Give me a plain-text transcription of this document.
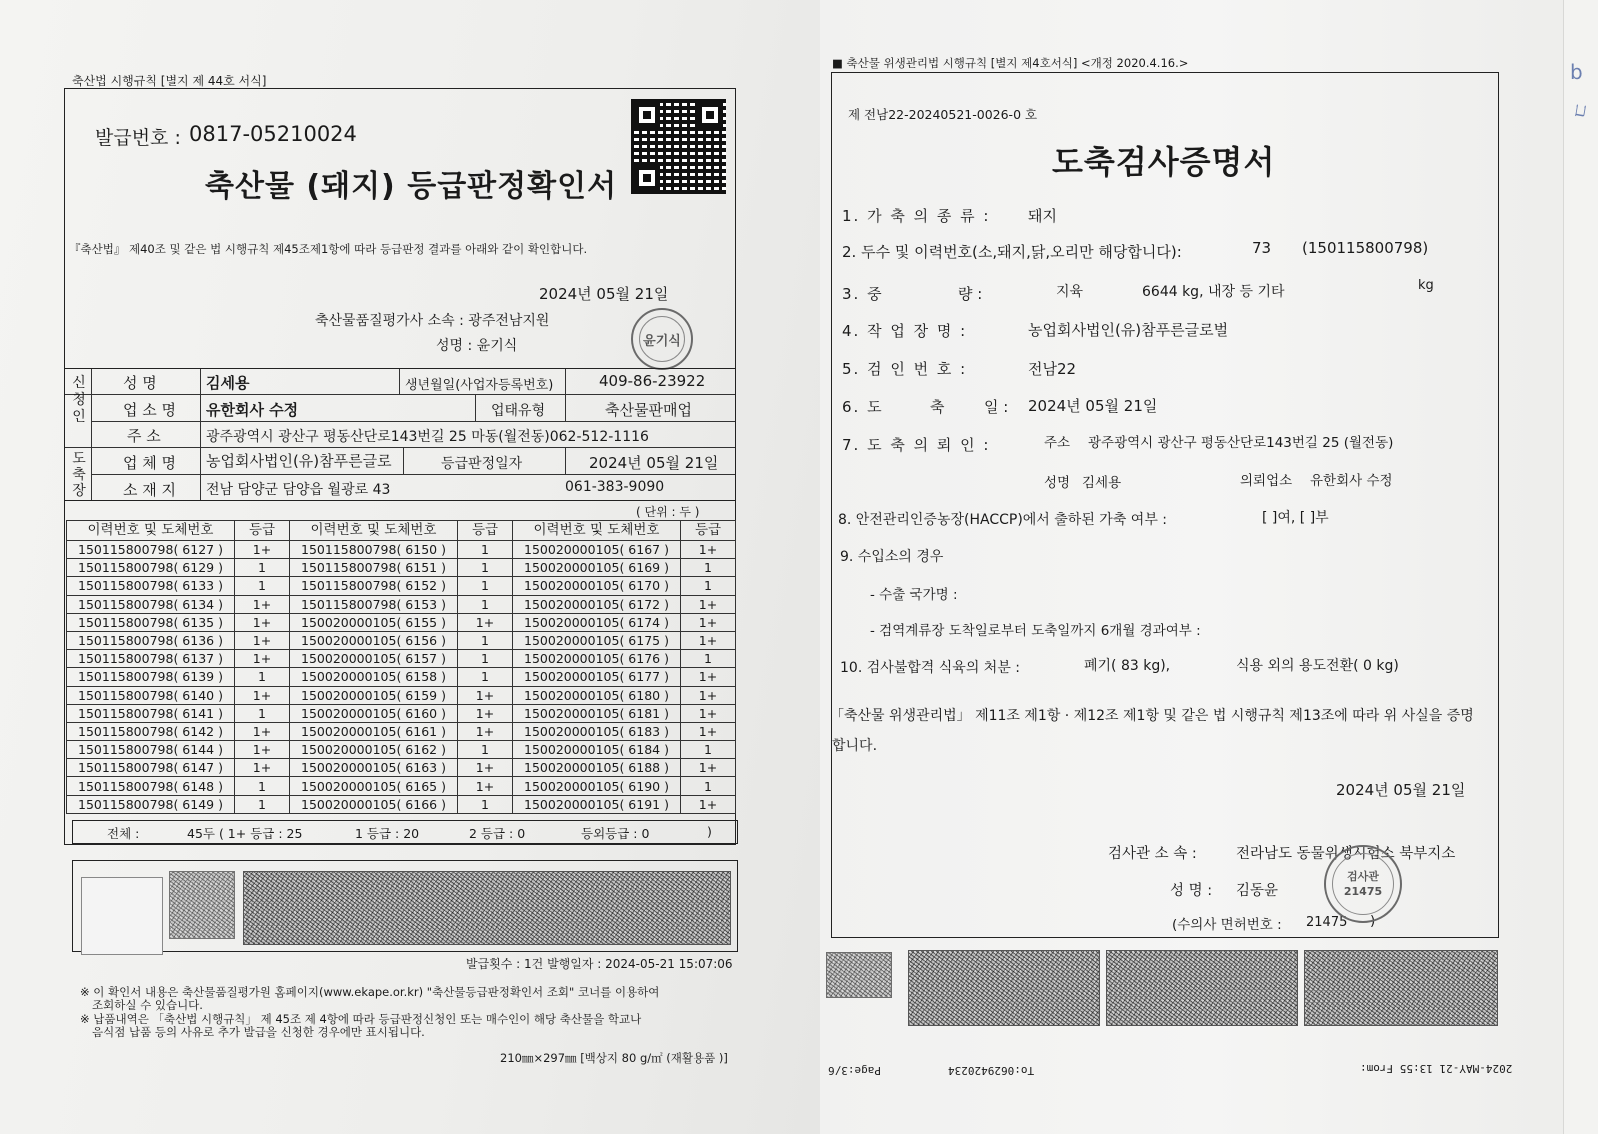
축산법 시행규칙 [별지 제 44호 서식]
발급번호 : 0817-05210024
축산물 (돼지) 등급판정확인서
『축산법』 제40조 및 같은 법 시행규칙 제45조제1항에 따라 등급판정 결과를 아래와 같이 확인합니다.
2024년 05월 21일
축산물품질평가사 소속 : 광주전남지원
성명 : 윤기식	윤기식
신청인
도축장
성 명	김세용	생년월일(사업자등록번호)	409-86-23922
업 소 명 유한회사 수정	업태유형	축산물판매업
주 소	광주광역시 광산구 평동산단로143번길 25 마동(월전동)062-512-1116
업 체 명 농업회사법인(유)참푸른글로	등급판정일자	2024년 05월 21일
소 재 지 전남 담양군 담양읍 월광로 43	061-383-9090
( 단위 : 두 )
이력번호 및 도체번호	등급	이력번호 및 도체번호	등급	이력번호 및 도체번호	등급
150115800798( 6127 )	1+	150115800798( 6150 )	1	150020000105( 6167 )	1+
150115800798( 6129 )	1	150115800798( 6151 )	1	150020000105( 6169 )	1
150115800798( 6133 )	1	150115800798( 6152 )	1	150020000105( 6170 )	1
150115800798( 6134 )	1+	150115800798( 6153 )	1	150020000105( 6172 )	1+
150115800798( 6135 )	1+	150020000105( 6155 )	1+	150020000105( 6174 )	1+
150115800798( 6136 )	1+	150020000105( 6156 )	1	150020000105( 6175 )	1+
150115800798( 6137 )	1+	150020000105( 6157 )	1	150020000105( 6176 )	1
150115800798( 6139 )	1	150020000105( 6158 )	1	150020000105( 6177 )	1+
150115800798( 6140 )	1+	150020000105( 6159 )	1+	150020000105( 6180 )	1+
150115800798( 6141 )	1	150020000105( 6160 )	1+	150020000105( 6181 )	1+
150115800798( 6142 )	1+	150020000105( 6161 )	1+	150020000105( 6183 )	1+
150115800798( 6144 )	1+	150020000105( 6162 )	1	150020000105( 6184 )	1
150115800798( 6147 )	1+	150020000105( 6163 )	1+	150020000105( 6188 )	1+
150115800798( 6148 )	1	150020000105( 6165 )	1+	150020000105( 6190 )	1
150115800798( 6149 )	1	150020000105( 6166 )	1	150020000105( 6191 )	1+
전체 :	45두 ( 1+ 등급 : 25	1 등급 : 20	2 등급 : 0	등외등급 : 0	)
발급횟수 : 1건 발행일자 : 2024-05-21 15:07:06
※ 이 확인서 내용은 축산물품질평가원 홈페이지(www.ekape.or.kr) "축산물등급판정확인서 조회" 코너를 이용하여
조회하실 수 있습니다.
※ 납품내역은 「축산법 시행규칙」 제 45조 제 4항에 따라 등급판정신청인 또는 매수인이 해당 축산물을 학교나
음식점 납품 등의 사유로 추가 발급을 신청한 경우에만 표시됩니다.
210㎜×297㎜ [백상지 80 g/㎡ (재활용품 )]
■ 축산물 위생관리법 시행규칙 [별지 제4호서식] <개정 2020.4.16.>
제 전남22-20240521-0026-0 호
도축검사증명서
1. 가 축 의 종 류 :	돼지
2. 두수 및 이력번호(소,돼지,닭,오리만 해당합니다):	73 (150115800798)
3. 중	량 :	지육	6644 kg, 내장 등 기타	kg
4. 작 업 장 명 :	농업회사법인(유)참푸른글로벌
5. 검 인 번 호 :	전남22
6. 도	축	일 : 2024년 05월 21일
7. 도 축 의 뢰 인 :	주소 광주광역시 광산구 평동산단로143번길 25 (월전동)
성명 김세용	의뢰업소 유한회사 수정
8. 안전관리인증농장(HACCP)에서 출하된 가축 여부 :	[ ]여, [ ]부
9. 수입소의 경우
- 수출 국가명 :
- 검역계류장 도착일로부터 도축일까지 6개월 경과여부 :
10. 검사불합격 식육의 처분 :	폐기( 83 kg),	식용 외의 용도전환( 0 kg)
「축산물 위생관리법」 제11조 제1항 · 제12조 제1항 및 같은 법 시행규칙 제13조에 따라 위 사실을 증명
합니다.
2024년 05월 21일
검사관 소 속 :	전라남도 동물위생시험소 북부지소
성 명 : 김동윤
(수의사 면허번호 : 21475 )
검사관
21475
2024-MAY-21 13:55 From:
To:0629420234
Page:3/6
b
ㄷ
